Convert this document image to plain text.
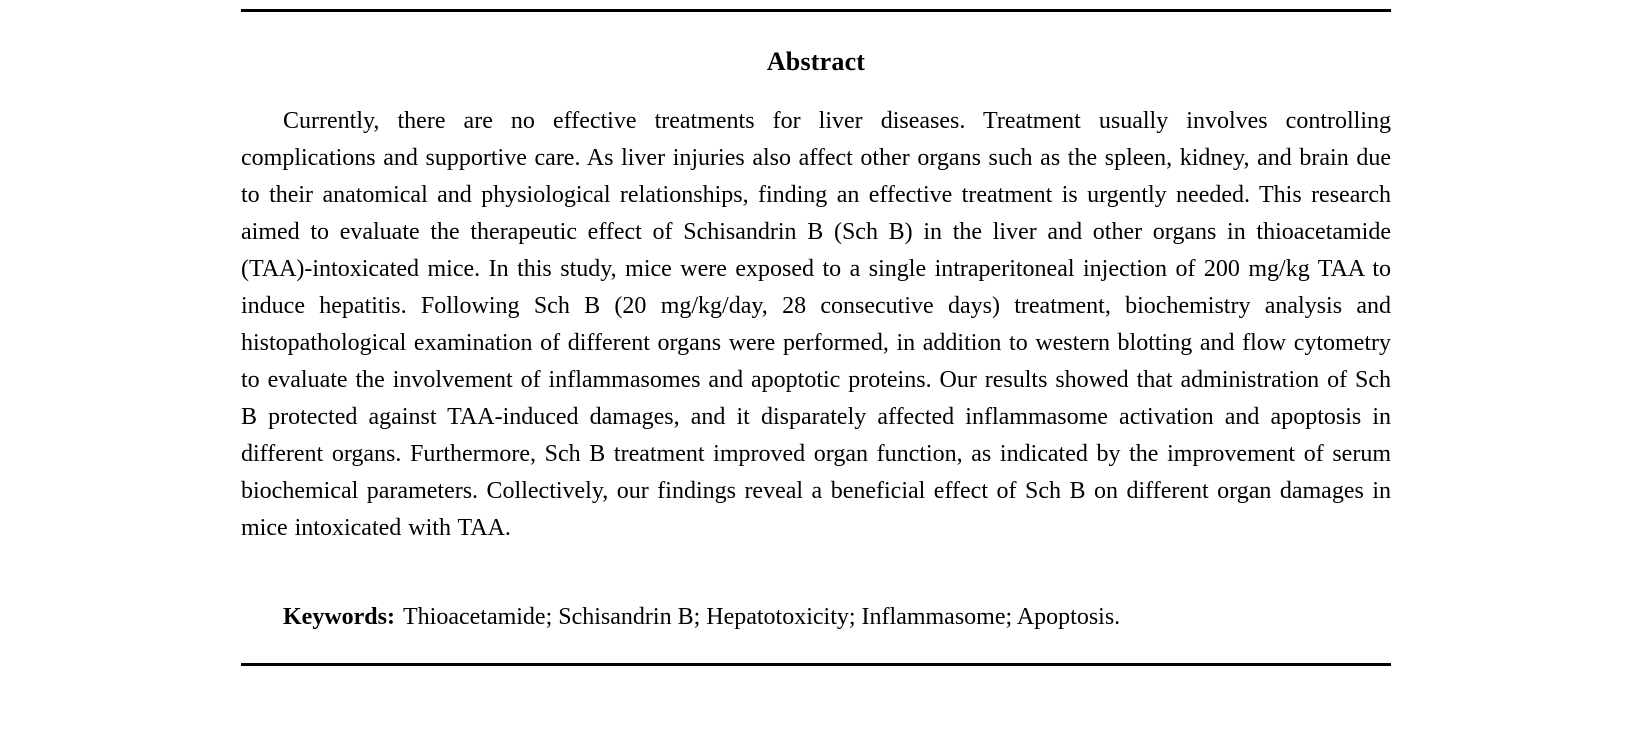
Abstract

Currently, there are no effective treatments for liver diseases. Treatment usually involves controlling complications and supportive care. As liver injuries also affect other organs such as the spleen, kidney, and brain due to their anatomical and physiological relationships, finding an effective treatment is urgently needed. This research aimed to evaluate the therapeutic effect of Schisandrin B (Sch B) in the liver and other organs in thioacetamide (TAA)-intoxicated mice. In this study, mice were exposed to a single intraperitoneal injection of 200 mg/kg TAA to induce hepatitis. Following Sch B (20 mg/kg/day, 28 consecutive days) treatment, biochemistry analysis and histopathological examination of different organs were performed, in addition to western blotting and flow cytometry to evaluate the involvement of inflammasomes and apoptotic proteins. Our results showed that administration of Sch B protected against TAA-induced damages, and it disparately affected inflammasome activation and apoptosis in different organs. Furthermore, Sch B treatment improved organ function, as indicated by the improvement of serum biochemical parameters. Collectively, our findings reveal a beneficial effect of Sch B on different organ damages in mice intoxicated with TAA.

Keywords: Thioacetamide; Schisandrin B; Hepatotoxicity; Inflammasome; Apoptosis.
